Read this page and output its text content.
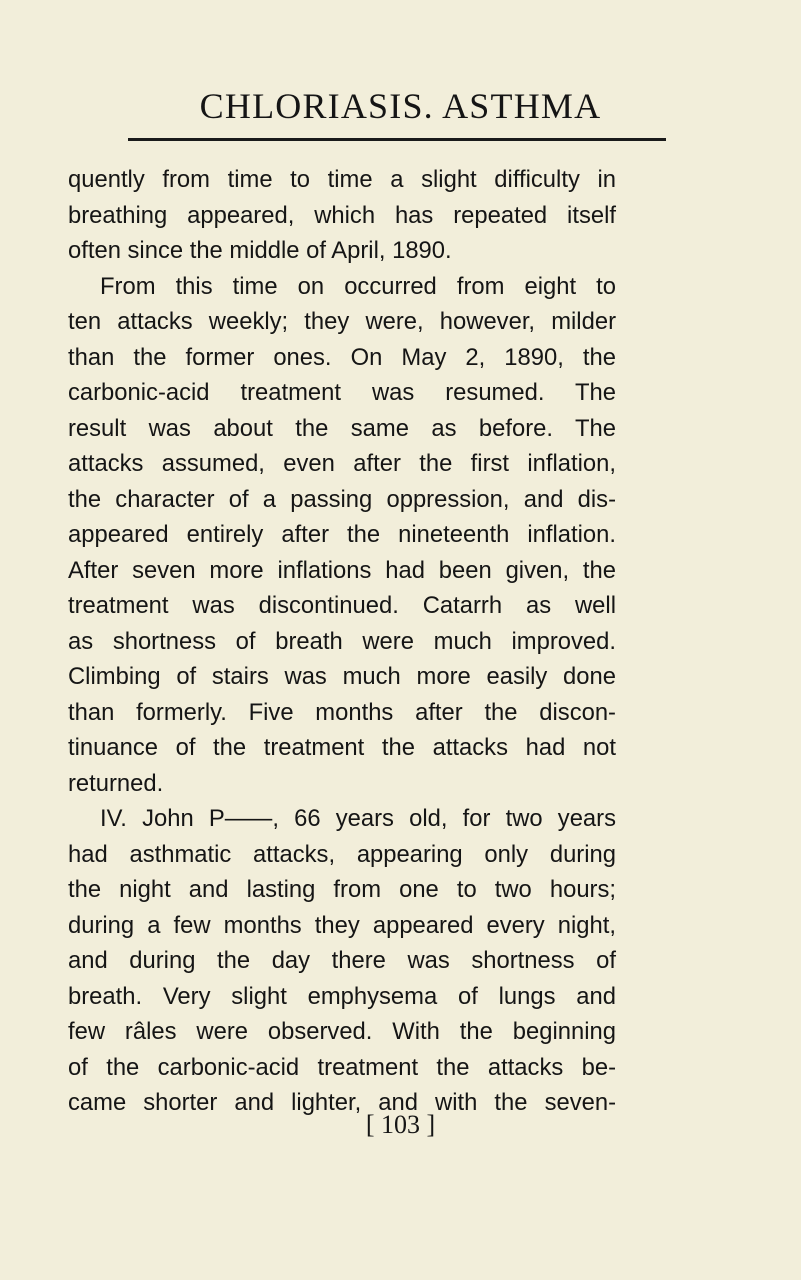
CHLORIASIS. ASTHMA
quently from time to time a slight difficulty in
breathing appeared, which has repeated itself
often since the middle of April, 1890.
From this time on occurred from eight to
ten attacks weekly; they were, however, milder
than the former ones. On May 2, 1890, the
carbonic-acid treatment was resumed. The
result was about the same as before. The
attacks assumed, even after the first inflation,
the character of a passing oppression, and dis-
appeared entirely after the nineteenth inflation.
After seven more inflations had been given, the
treatment was discontinued. Catarrh as well
as shortness of breath were much improved.
Climbing of stairs was much more easily done
than formerly. Five months after the discon-
tinuance of the treatment the attacks had not
returned.
IV. John P——, 66 years old, for two years
had asthmatic attacks, appearing only during
the night and lasting from one to two hours;
during a few months they appeared every night,
and during the day there was shortness of
breath. Very slight emphysema of lungs and
few râles were observed. With the beginning
of the carbonic-acid treatment the attacks be-
came shorter and lighter, and with the seven-
[ 103 ]
